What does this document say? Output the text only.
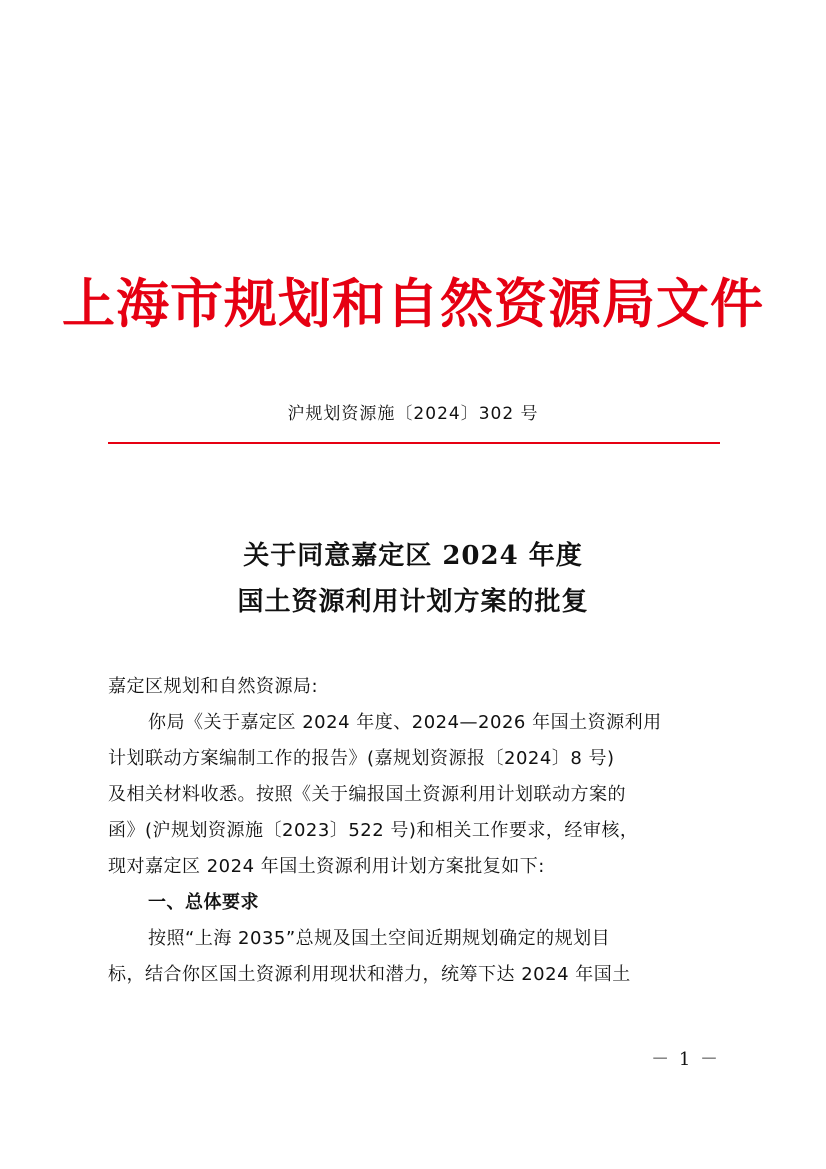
上海市规划和自然资源局文件
沪规划资源施〔2024〕302 号
关于同意嘉定区 2024 年度
国土资源利用计划方案的批复
嘉定区规划和自然资源局:
你局《关于嘉定区 2024 年度、2024—2026 年国土资源利用
计划联动方案编制工作的报告》(嘉规划资源报〔2024〕8 号)
及相关材料收悉。按照《关于编报国土资源利用计划联动方案的
函》(沪规划资源施〔2023〕522 号)和相关工作要求，经审核，
现对嘉定区 2024 年国土资源利用计划方案批复如下:
一、总体要求
按照“上海 2035”总规及国土空间近期规划确定的规划目
标，结合你区国土资源利用现状和潜力，统筹下达 2024 年国土
－ 1 －
